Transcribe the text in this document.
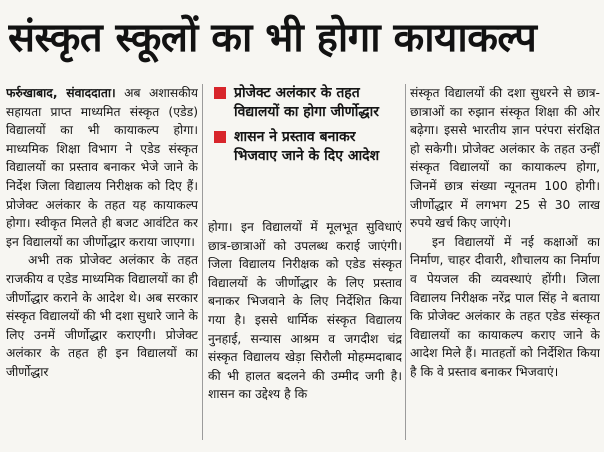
संस्कृत स्कूलों का भी होगा कायाकल्प

फर्रुखाबाद, संवाददाता। अब अशासकीय सहायता प्राप्त माध्यमित संस्कृत (एडेड) विद्यालयों का भी कायाकल्प होगा। माध्यमिक शिक्षा विभाग ने एडेड संस्कृत विद्यालयों का प्रस्ताव बनाकर भेजे जाने के निर्देश जिला विद्यालय निरीक्षक को दिए हैं। प्रोजेक्ट अलंकार के तहत यह कायाकल्प होगा। स्वीकृत मिलते ही बजट आवंटित कर इन विद्यालयों का जीर्णोद्धार कराया जाएगा।

अभी तक प्रोजेक्ट अलंकार के तहत राजकीय व एडेड माध्यमिक विद्यालयों का ही जीर्णोद्धार कराने के आदेश थे। अब सरकार संस्कृत विद्यालयों की भी दशा सुधारे जाने के लिए उनमें जीर्णोद्धार कराएगी। प्रोजेक्ट अलंकार के तहत ही इन विद्यालयों का जीर्णोद्धार

प्रोजेक्ट अलंकार के तहत विद्यालयों का होगा जीर्णोद्धार
शासन ने प्रस्ताव बनाकर भिजवाए जाने के दिए आदेश

होगा। इन विद्यालयों में मूलभूत सुविधाएं छात्र-छात्राओं को उपलब्ध कराई जाएंगी। जिला विद्यालय निरीक्षक को एडेड संस्कृत विद्यालयों के जीर्णोद्धार के लिए प्रस्ताव बनाकर भिजवाने के लिए निर्देशित किया गया है। इससे धार्मिक संस्कृत विद्यालय नुनहाई, सन्यास आश्रम व जगदीश चंद्र संस्कृत विद्यालय खेड़ा सिरौली मोहम्मदाबाद की भी हालत बदलने की उम्मीद जगी है। शासन का उद्देश्य है कि

संस्कृत विद्यालयों की दशा सुधरने से छात्र-छात्राओं का रुझान संस्कृत शिक्षा की ओर बढ़ेगा। इससे भारतीय ज्ञान परंपरा संरक्षित हो सकेगी। प्रोजेक्ट अलंकार के तहत उन्हीं संस्कृत विद्यालयों का कायाकल्प होगा, जिनमें छात्र संख्या न्यूनतम 100 होगी। जीर्णोद्धार में लगभग 25 से 30 लाख रुपये खर्च किए जाएंगे।

इन विद्यालयों में नई कक्षाओं का निर्माण, चाहर दीवारी, शौचालय का निर्माण व पेयजल की व्यवस्थाएं होंगी। जिला विद्यालय निरीक्षक नरेंद्र पाल सिंह ने बताया कि प्रोजेक्ट अलंकार के तहत एडेड संस्कृत विद्यालयों का कायाकल्प कराए जाने के आदेश मिले हैं। मातहतों को निर्देशित किया है कि वे प्रस्ताव बनाकर भिजवाएं।
